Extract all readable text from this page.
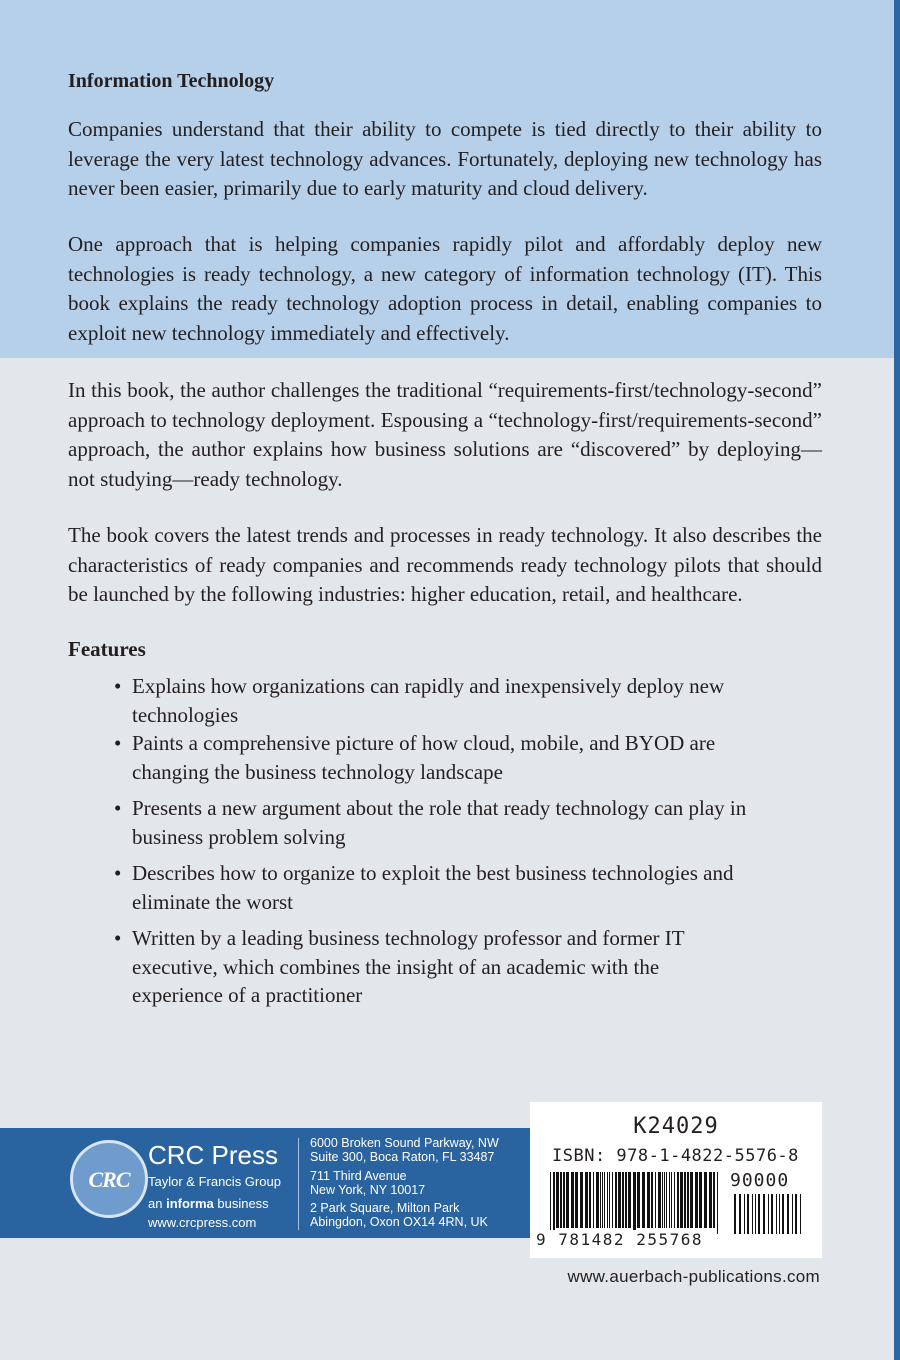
Information Technology

Companies understand that their ability to compete is tied directly to their ability to leverage the very latest technology advances. Fortunately, deploying new technology has never been easier, primarily due to early maturity and cloud delivery.

One approach that is helping companies rapidly pilot and affordably deploy new technologies is ready technology, a new category of information technology (IT). This book explains the ready technology adoption process in detail, enabling companies to exploit new technology immediately and effectively.

In this book, the author challenges the traditional “requirements-first/technology-second” approach to technology deployment. Espousing a “technology-first/requirements-second” approach, the author explains how business solutions are “discovered” by deploying—not studying—ready technology.

The book covers the latest trends and processes in ready technology. It also describes the characteristics of ready companies and recommends ready technology pilots that should be launched by the following industries: higher education, retail, and healthcare.

Features
• Explains how organizations can rapidly and inexpensively deploy new technologies
• Paints a comprehensive picture of how cloud, mobile, and BYOD are changing the business technology landscape
• Presents a new argument about the role that ready technology can play in business problem solving
• Describes how to organize to exploit the best business technologies and eliminate the worst
• Written by a leading business technology professor and former IT executive, which combines the insight of an academic with the experience of a practitioner
CRC
CRC Press
Taylor & Francis Group
an informa business
www.crcpress.com
6000 Broken Sound Parkway, NW
Suite 300, Boca Raton, FL 33487
711 Third Avenue
New York, NY 10017
2 Park Square, Milton Park
Abingdon, Oxon OX14 4RN, UK
K24029
ISBN: 978-1-4822-5576-8
90000
9 781482 255768
www.auerbach-publications.com
